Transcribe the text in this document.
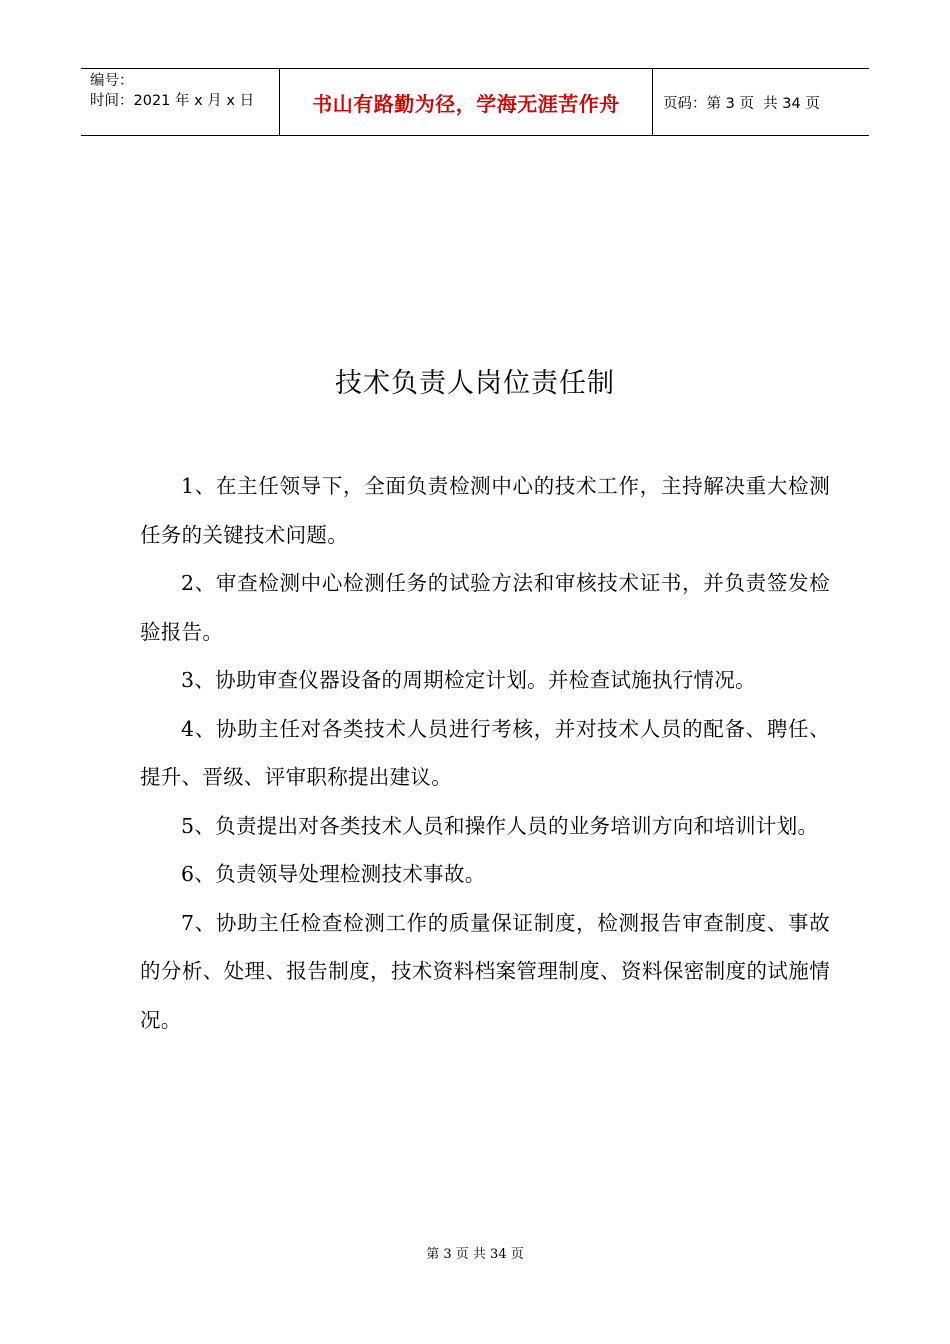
编号：
时间：2021 年 x 月 x 日	书山有路勤为径，学海无涯苦作舟	页码：第 3 页  共 34 页
技术负责人岗位责任制

1、在主任领导下，全面负责检测中心的技术工作，主持解决重大检测任务的关键技术问题。

2、审查检测中心检测任务的试验方法和审核技术证书，并负责签发检验报告。

3、协助审查仪器设备的周期检定计划。并检查试施执行情况。

4、协助主任对各类技术人员进行考核，并对技术人员的配备、聘任、提升、晋级、评审职称提出建议。

5、负责提出对各类技术人员和操作人员的业务培训方向和培训计划。

6、负责领导处理检测技术事故。

7、协助主任检查检测工作的质量保证制度，检测报告审查制度、事故的分析、处理、报告制度，技术资料档案管理制度、资料保密制度的试施情况。

第 3 页 共 34 页
